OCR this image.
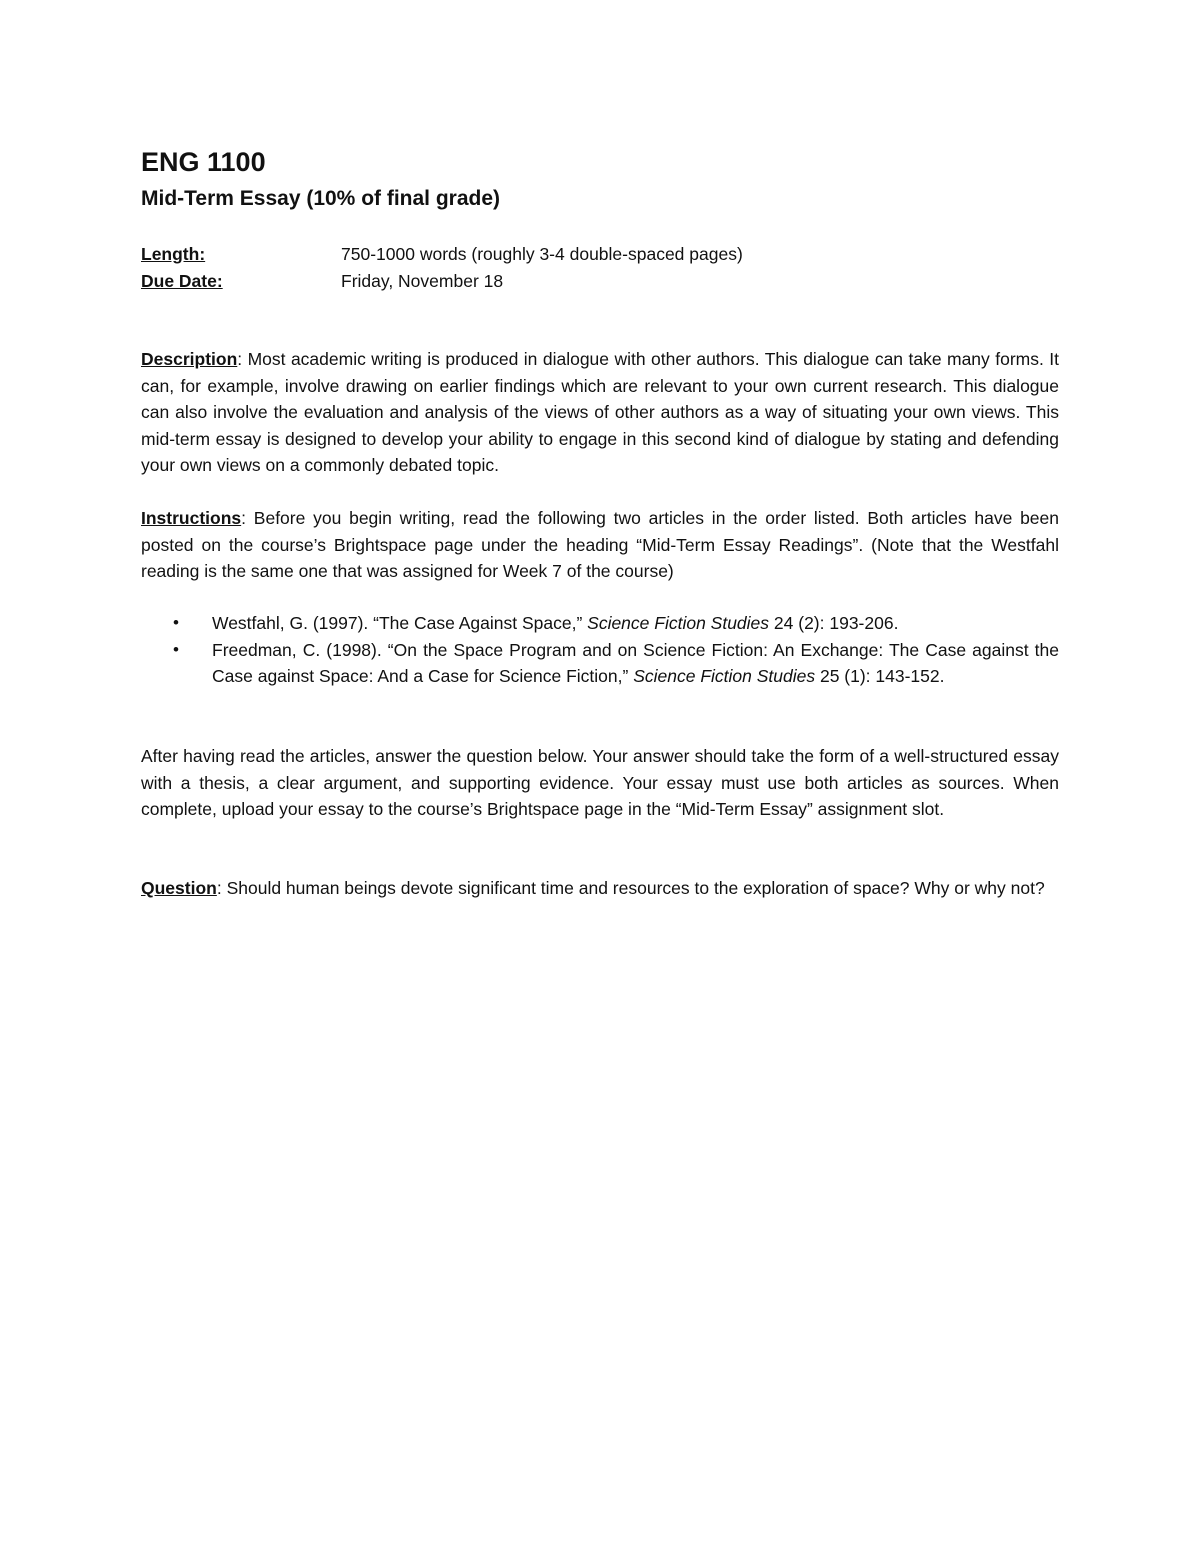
ENG 1100
Mid-Term Essay (10% of final grade)
Length:	750-1000 words (roughly 3-4 double-spaced pages)
Due Date:	Friday, November 18

Description: Most academic writing is produced in dialogue with other authors. This dialogue can take many forms. It can, for example, involve drawing on earlier findings which are relevant to your own current research. This dialogue can also involve the evaluation and analysis of the views of other authors as a way of situating your own views. This mid-term essay is designed to develop your ability to engage in this second kind of dialogue by stating and defending your own views on a commonly debated topic.

Instructions: Before you begin writing, read the following two articles in the order listed. Both articles have been posted on the course’s Brightspace page under the heading “Mid-Term Essay Readings”. (Note that the Westfahl reading is the same one that was assigned for Week 7 of the course)

• Westfahl, G. (1997). “The Case Against Space,” Science Fiction Studies 24 (2): 193-206.
• Freedman, C. (1998). “On the Space Program and on Science Fiction: An Exchange: The Case against the Case against Space: And a Case for Science Fiction,” Science Fiction Studies 25 (1): 143-152.

After having read the articles, answer the question below. Your answer should take the form of a well-structured essay with a thesis, a clear argument, and supporting evidence. Your essay must use both articles as sources. When complete, upload your essay to the course’s Brightspace page in the “Mid-Term Essay” assignment slot.

Question: Should human beings devote significant time and resources to the exploration of space? Why or why not?
